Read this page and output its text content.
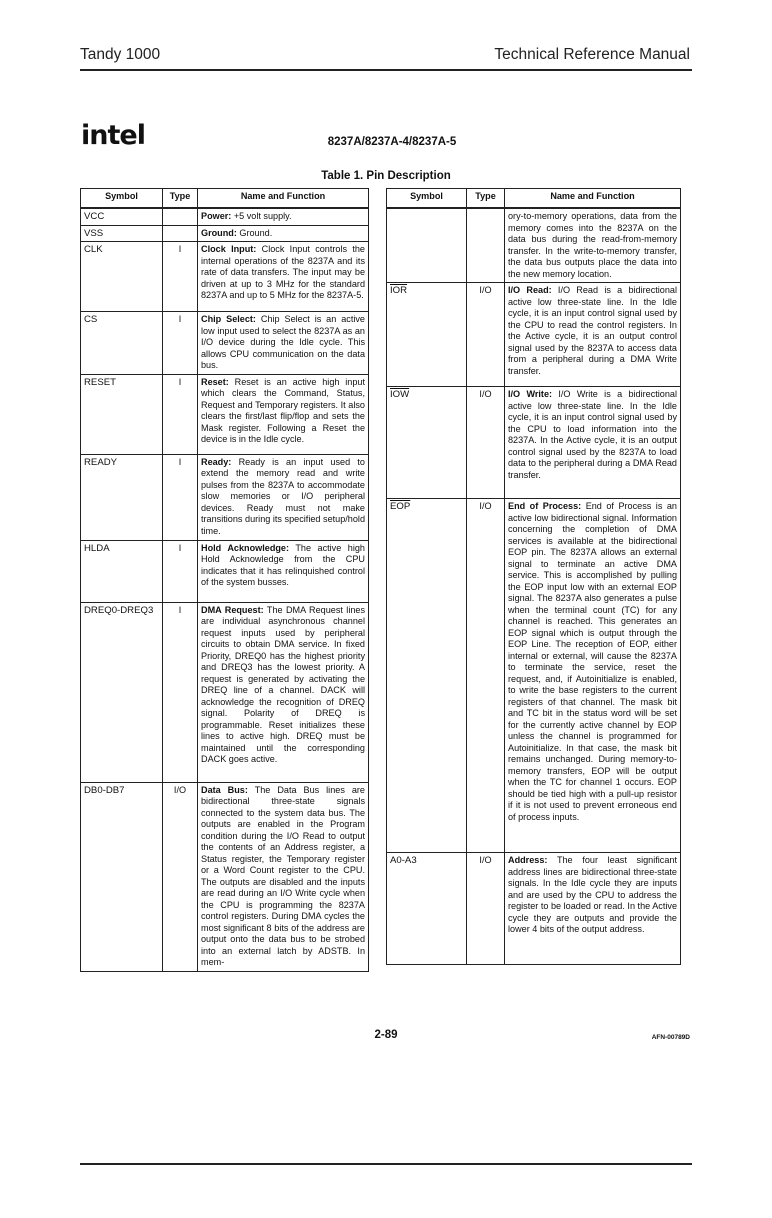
Tandy 1000	Technical Reference Manual
intel	8237A/8237A-4/8237A-5
Table 1. Pin Description
Symbol	Type	Name and Function
VCC		Power: +5 volt supply.
VSS		Ground: Ground.
CLK	I	Clock Input: Clock Input controls the internal operations of the 8237A and its rate of data transfers. The input may be driven at up to 3 MHz for the standard 8237A and up to 5 MHz for the 8237A-5.
CS	I	Chip Select: Chip Select is an active low input used to select the 8237A as an I/O device during the Idle cycle. This allows CPU communication on the data bus.
RESET	I	Reset: Reset is an active high input which clears the Command, Status, Request and Temporary registers. It also clears the first/last flip/flop and sets the Mask register. Following a Reset the device is in the Idle cycle.
READY	I	Ready: Ready is an input used to extend the memory read and write pulses from the 8237A to accommodate slow memories or I/O peripheral devices. Ready must not make transitions during its specified setup/hold time.
HLDA	I	Hold Acknowledge: The active high Hold Acknowledge from the CPU indicates that it has relinquished control of the system busses.
DREQ0-DREQ3	I	DMA Request: The DMA Request lines are individual asynchronous channel request inputs used by peripheral circuits to obtain DMA service. In fixed Priority, DREQ0 has the highest priority and DREQ3 has the lowest priority. A request is generated by activating the DREQ line of a channel. DACK will acknowledge the recognition of DREQ signal. Polarity of DREQ is programmable. Reset initializes these lines to active high. DREQ must be maintained until the corresponding DACK goes active.
DB0-DB7	I/O	Data Bus: The Data Bus lines are bidirectional three-state signals connected to the system data bus. The outputs are enabled in the Program condition during the I/O Read to output the contents of an Address register, a Status register, the Temporary register or a Word Count register to the CPU. The outputs are disabled and the inputs are read during an I/O Write cycle when the CPU is programming the 8237A control registers. During DMA cycles the most significant 8 bits of the address are output onto the data bus to be strobed into an external latch by ADSTB. In mem-
Symbol	Type	Name and Function
		ory-to-memory operations, data from the memory comes into the 8237A on the data bus during the read-from-memory transfer. In the write-to-memory transfer, the data bus outputs place the data into the new memory location.
$\overline{IOR}$	I/O	I/O Read: I/O Read is a bidirectional active low three-state line. In the Idle cycle, it is an input control signal used by the CPU to read the control registers. In the Active cycle, it is an output control signal used by the 8237A to access data from a peripheral during a DMA Write transfer.
$\overline{IOW}$	I/O	I/O Write: I/O Write is a bidirectional active low three-state line. In the Idle cycle, it is an input control signal used by the CPU to load information into the 8237A. In the Active cycle, it is an output control signal used by the 8237A to load data to the peripheral during a DMA Read transfer.
$\overline{EOP}$	I/O	End of Process: End of Process is an active low bidirectional signal. Information concerning the completion of DMA services is available at the bidirectional EOP pin. The 8237A allows an external signal to terminate an active DMA service. This is accomplished by pulling the EOP input low with an external EOP signal. The 8237A also generates a pulse when the terminal count (TC) for any channel is reached. This generates an EOP signal which is output through the EOP Line. The reception of EOP, either internal or external, will cause the 8237A to terminate the service, reset the request, and, if Autoinitialize is enabled, to write the base registers to the current registers of that channel. The mask bit and TC bit in the status word will be set for the currently active channel by EOP unless the channel is programmed for Autoinitialize. In that case, the mask bit remains unchanged. During memory-to-memory transfers, EOP will be output when the TC for channel 1 occurs. EOP should be tied high with a pull-up resistor if it is not used to prevent erroneous end of process inputs.
A0-A3	I/O	Address: The four least significant address lines are bidirectional three-state signals. In the Idle cycle they are inputs and are used by the CPU to address the register to be loaded or read. In the Active cycle they are outputs and provide the lower 4 bits of the output address.
2-89	AFN-00789D
